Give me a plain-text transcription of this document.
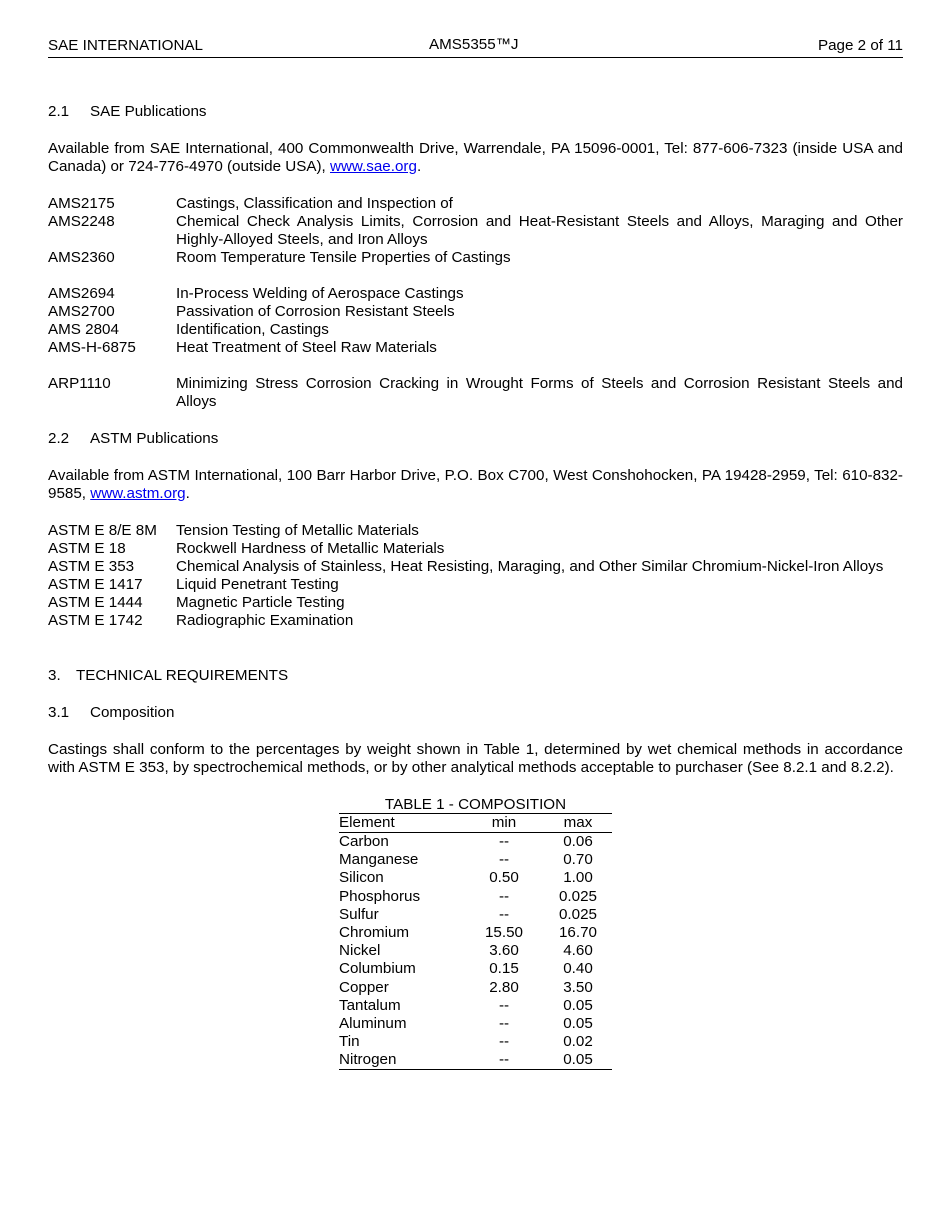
SAE INTERNATIONAL	AMS5355™J	Page 2 of 11
2.1	SAE Publications
Available from SAE International, 400 Commonwealth Drive, Warrendale, PA 15096-0001, Tel: 877-606-7323 (inside USA and Canada) or 724-776-4970 (outside USA), www.sae.org.
AMS2175	Castings, Classification and Inspection of
AMS2248	Chemical Check Analysis Limits, Corrosion and Heat-Resistant Steels and Alloys, Maraging and Other Highly-Alloyed Steels, and Iron Alloys
AMS2360	Room Temperature Tensile Properties of Castings
AMS2694	In-Process Welding of Aerospace Castings
AMS2700	Passivation of Corrosion Resistant Steels
AMS 2804	Identification, Castings
AMS-H-6875	Heat Treatment of Steel Raw Materials
ARP1110	Minimizing Stress Corrosion Cracking in Wrought Forms of Steels and Corrosion Resistant Steels and Alloys
2.2	ASTM Publications
Available from ASTM International, 100 Barr Harbor Drive, P.O. Box C700, West Conshohocken, PA 19428-2959, Tel: 610-832-9585, www.astm.org.
ASTM E 8/E 8M	Tension Testing of Metallic Materials
ASTM E 18	Rockwell Hardness of Metallic Materials
ASTM E 353	Chemical Analysis of Stainless, Heat Resisting, Maraging, and Other Similar Chromium-Nickel-Iron Alloys
ASTM E 1417	Liquid Penetrant Testing
ASTM E 1444	Magnetic Particle Testing
ASTM E 1742	Radiographic Examination
3.	TECHNICAL REQUIREMENTS
3.1	Composition
Castings shall conform to the percentages by weight shown in Table 1, determined by wet chemical methods in accordance with ASTM E 353, by spectrochemical methods, or by other analytical methods acceptable to purchaser (See 8.2.1 and 8.2.2).
TABLE 1 - COMPOSITION
Element	min	max
Carbon	--	0.06
Manganese	--	0.70
Silicon	0.50	1.00
Phosphorus	--	0.025
Sulfur	--	0.025
Chromium	15.50	16.70
Nickel	3.60	4.60
Columbium	0.15	0.40
Copper	2.80	3.50
Tantalum	--	0.05
Aluminum	--	0.05
Tin	--	0.02
Nitrogen	--	0.05
